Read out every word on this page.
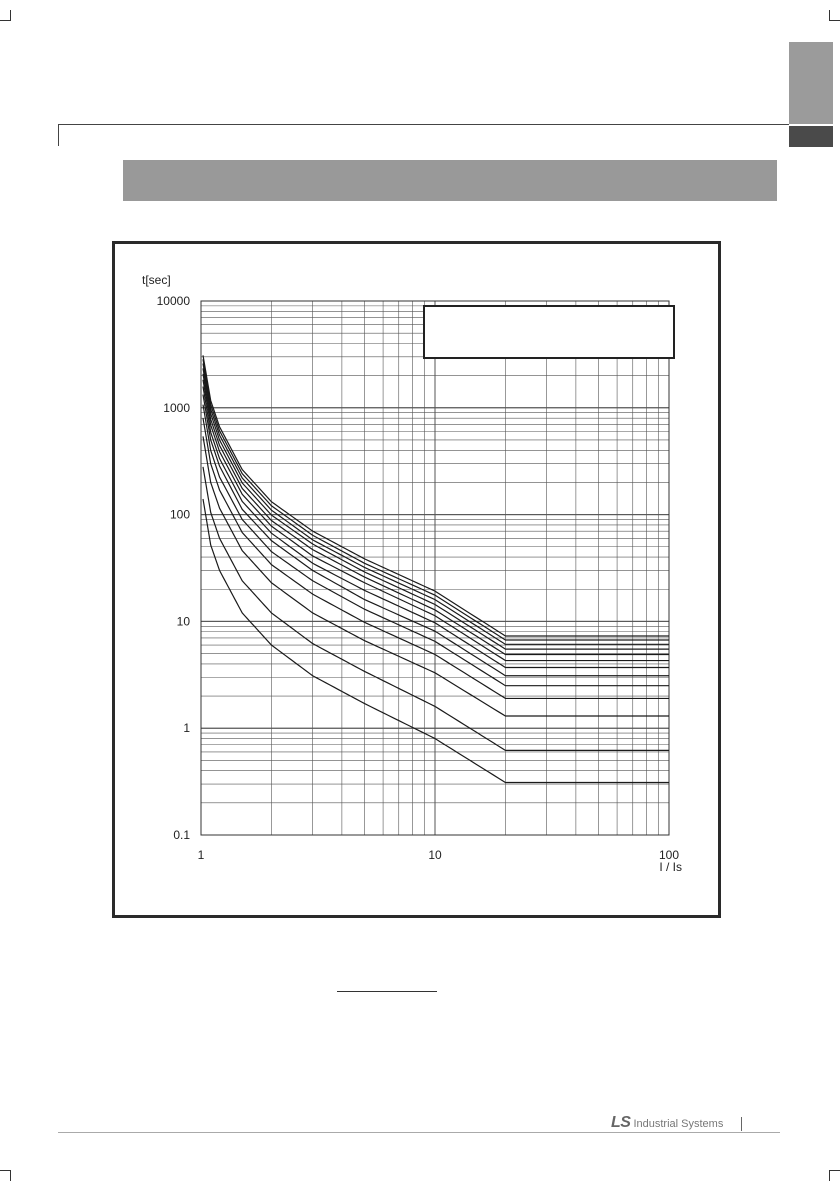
t[sec]
I / Is
10000
1000
100
10
1
0.1
1	10	100
LS Industrial Systems
